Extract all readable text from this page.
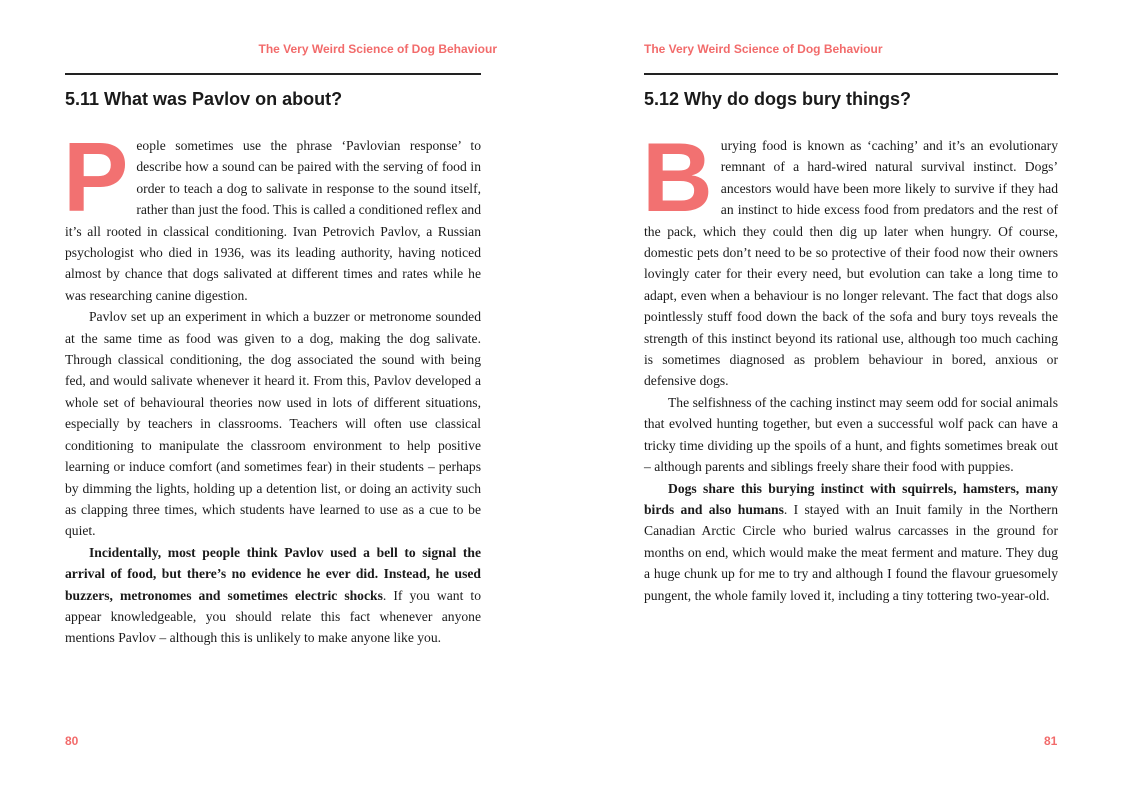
The Very Weird Science of Dog Behaviour
5.11 What was Pavlov on about?

People sometimes use the phrase ‘Pavlovian response’ to describe how a sound can be paired with the serving of food in order to teach a dog to salivate in response to the sound itself, rather than just the food. This is called a conditioned reflex and it’s all rooted in classical conditioning. Ivan Petrovich Pavlov, a Russian psychologist who died in 1936, was its leading authority, having noticed almost by chance that dogs salivated at different times and rates while he was researching canine digestion.

Pavlov set up an experiment in which a buzzer or metronome sounded at the same time as food was given to a dog, making the dog salivate. Through classical conditioning, the dog associated the sound with being fed, and would salivate whenever it heard it. From this, Pavlov developed a whole set of behavioural theories now used in lots of different situations, especially by teachers in classrooms. Teachers will often use classical conditioning to manipulate the classroom environment to help positive learning or induce comfort (and sometimes fear) in their students – perhaps by dimming the lights, holding up a detention list, or doing an activity such as clapping three times, which students have learned to use as a cue to be quiet.

Incidentally, most people think Pavlov used a bell to signal the arrival of food, but there’s no evidence he ever did. Instead, he used buzzers, metronomes and sometimes electric shocks. If you want to appear knowledgeable, you should relate this fact whenever anyone mentions Pavlov – although this is unlikely to make anyone like you.

80
The Very Weird Science of Dog Behaviour
5.12 Why do dogs bury things?

Burying food is known as ‘caching’ and it’s an evolutionary remnant of a hard-wired natural survival instinct. Dogs’ ancestors would have been more likely to survive if they had an instinct to hide excess food from predators and the rest of the pack, which they could then dig up later when hungry. Of course, domestic pets don’t need to be so protective of their food now their owners lovingly cater for their every need, but evolution can take a long time to adapt, even when a behaviour is no longer relevant. The fact that dogs also pointlessly stuff food down the back of the sofa and bury toys reveals the strength of this instinct beyond its rational use, although too much caching is sometimes diagnosed as problem behaviour in bored, anxious or defensive dogs.

The selfishness of the caching instinct may seem odd for social animals that evolved hunting together, but even a successful wolf pack can have a tricky time dividing up the spoils of a hunt, and fights sometimes break out – although parents and siblings freely share their food with puppies.

Dogs share this burying instinct with squirrels, hamsters, many birds and also humans. I stayed with an Inuit family in the Northern Canadian Arctic Circle who buried walrus carcasses in the ground for months on end, which would make the meat ferment and mature. They dug a huge chunk up for me to try and although I found the flavour gruesomely pungent, the whole family loved it, including a tiny tottering two-year-old.

81
